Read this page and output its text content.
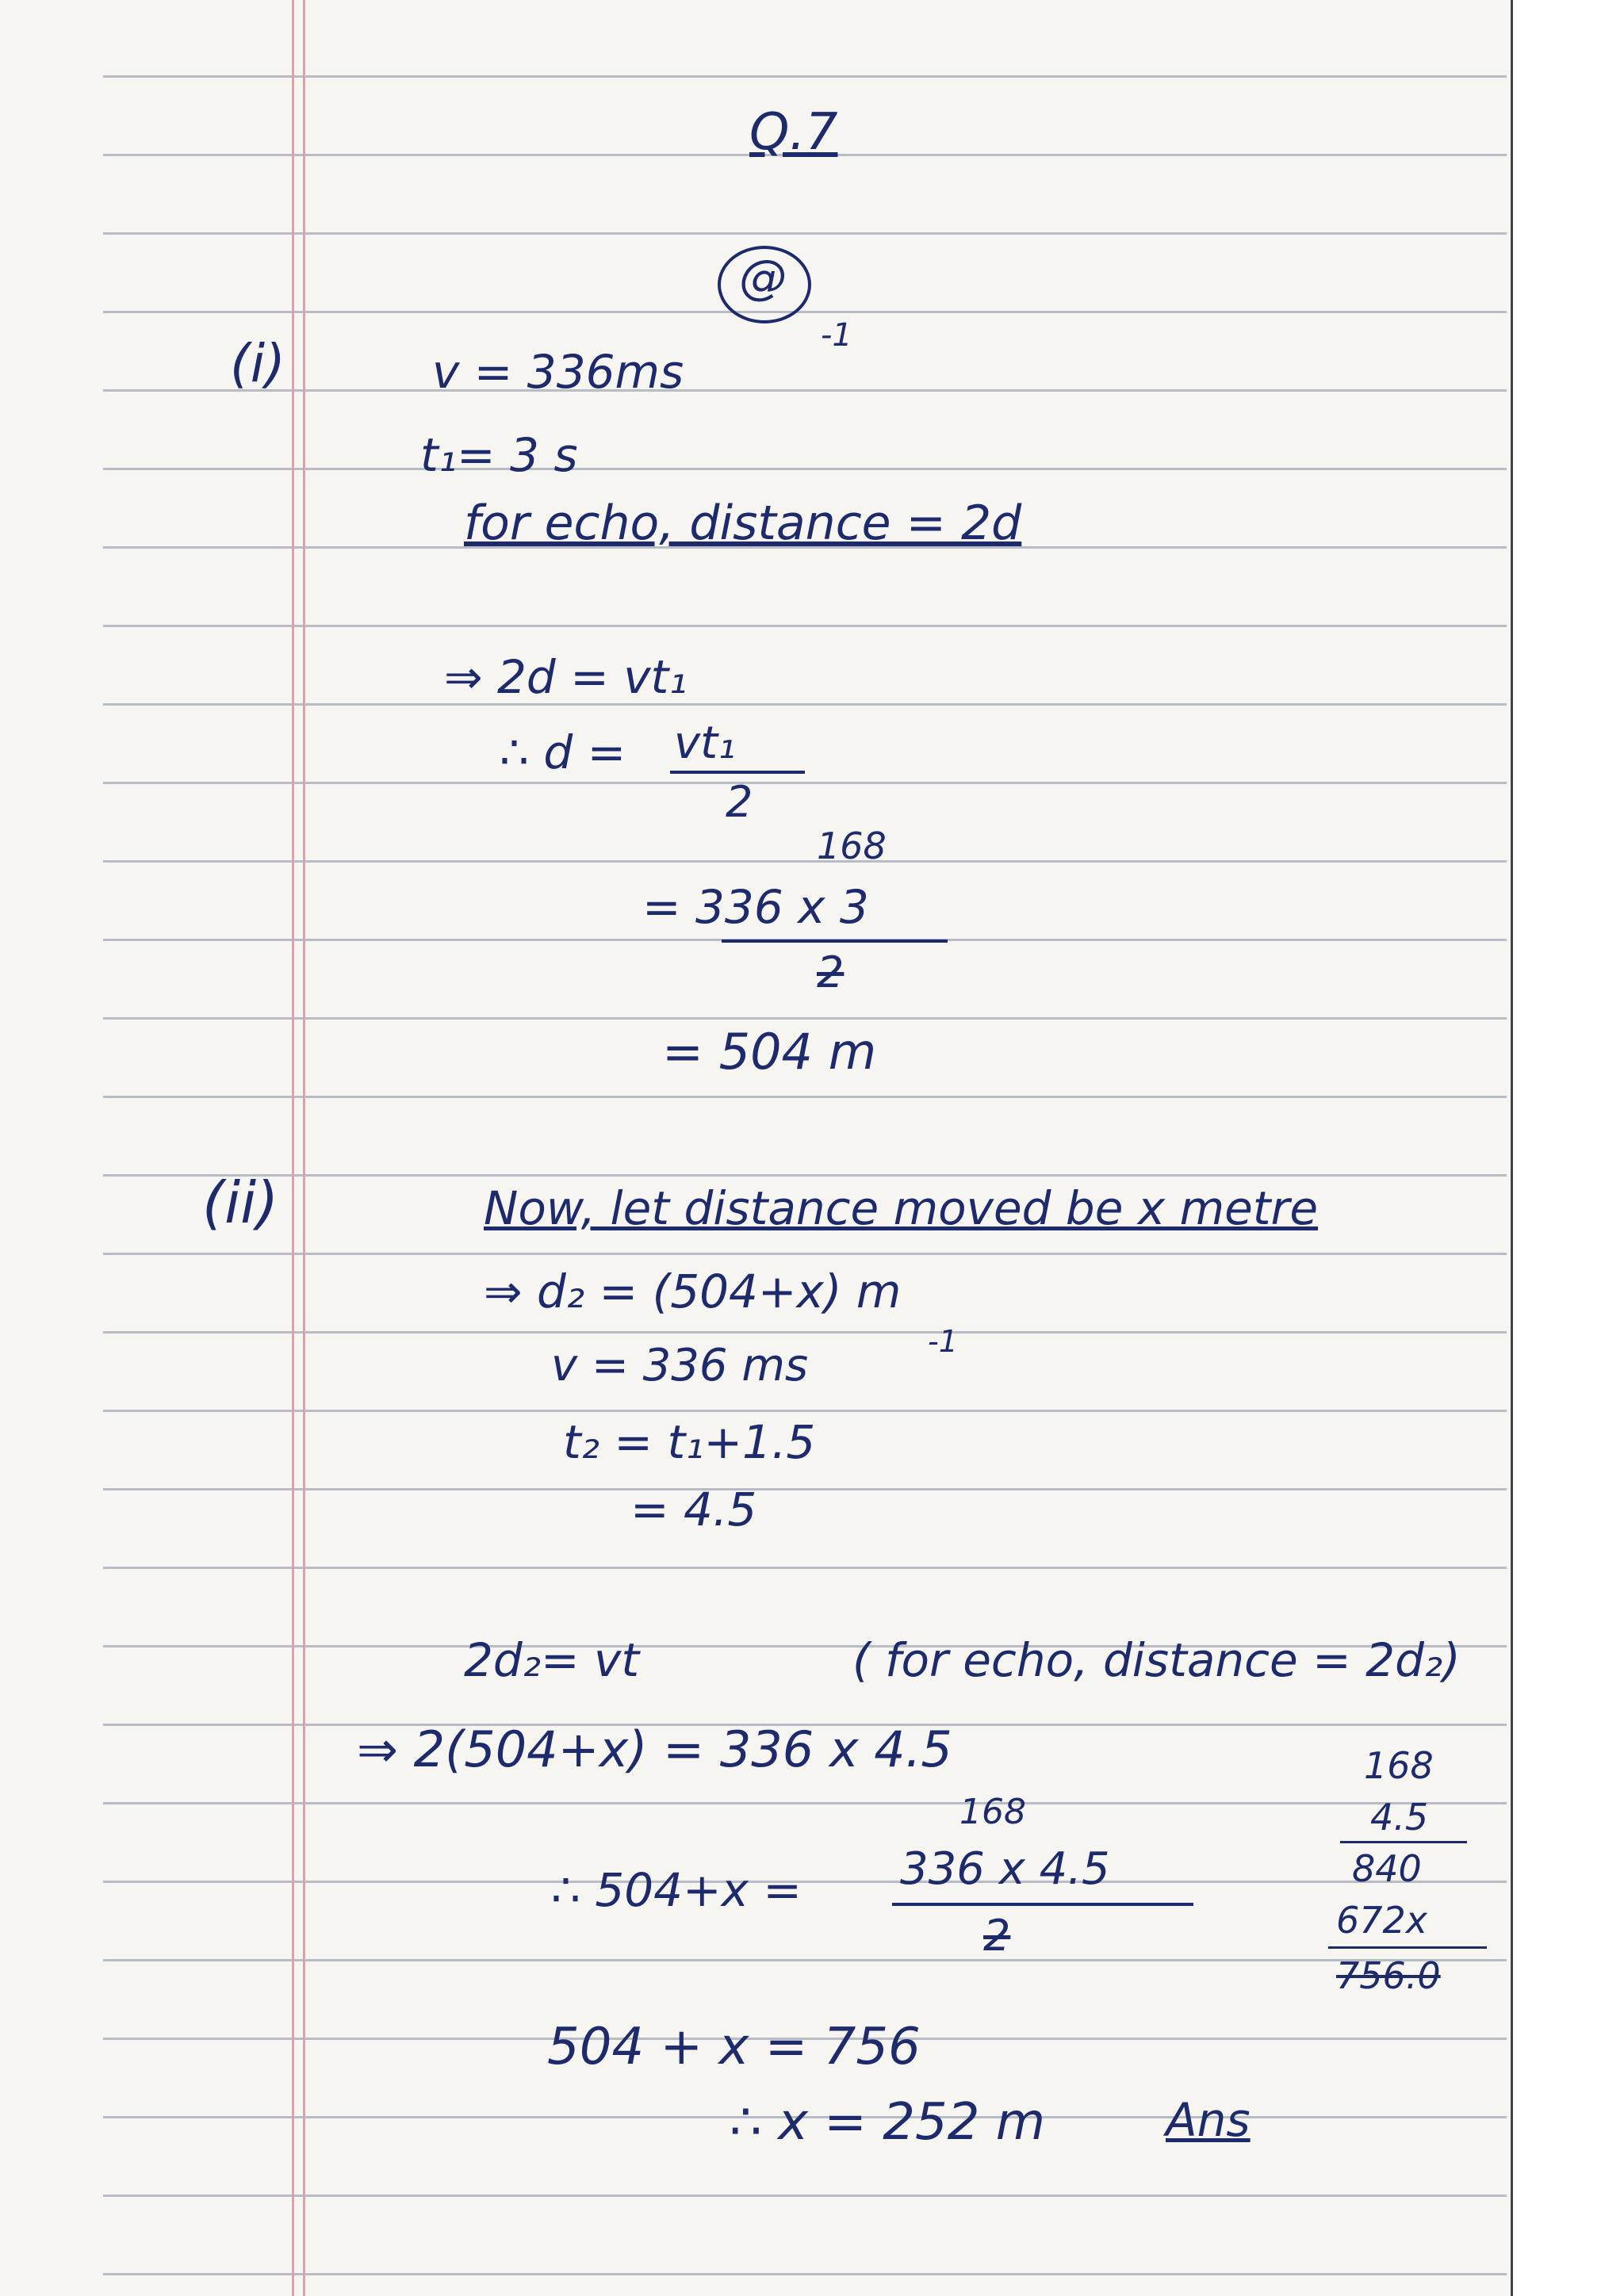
Q.7
@
(i)	v = 336ms
-1
t₁= 3 s
for echo, distance = 2d
⇒ 2d = vt₁
∴ d = vt₁
2
168
= 336 x 3
2
= 504 m
(ii)	Now, let distance moved be x metre
⇒ d₂ = (504+x) m
v = 336 ms	-1
t₂ = t₁+1.5
= 4.5
2d₂= vt	( for echo, distance = 2d₂)
⇒ 2(504+x) = 336 x 4.5
168
∴ 504+x = 336 x 4.5
2
504 + x = 756
∴ x = 252 m	Ans
168
4.5
840
672x
756.0
